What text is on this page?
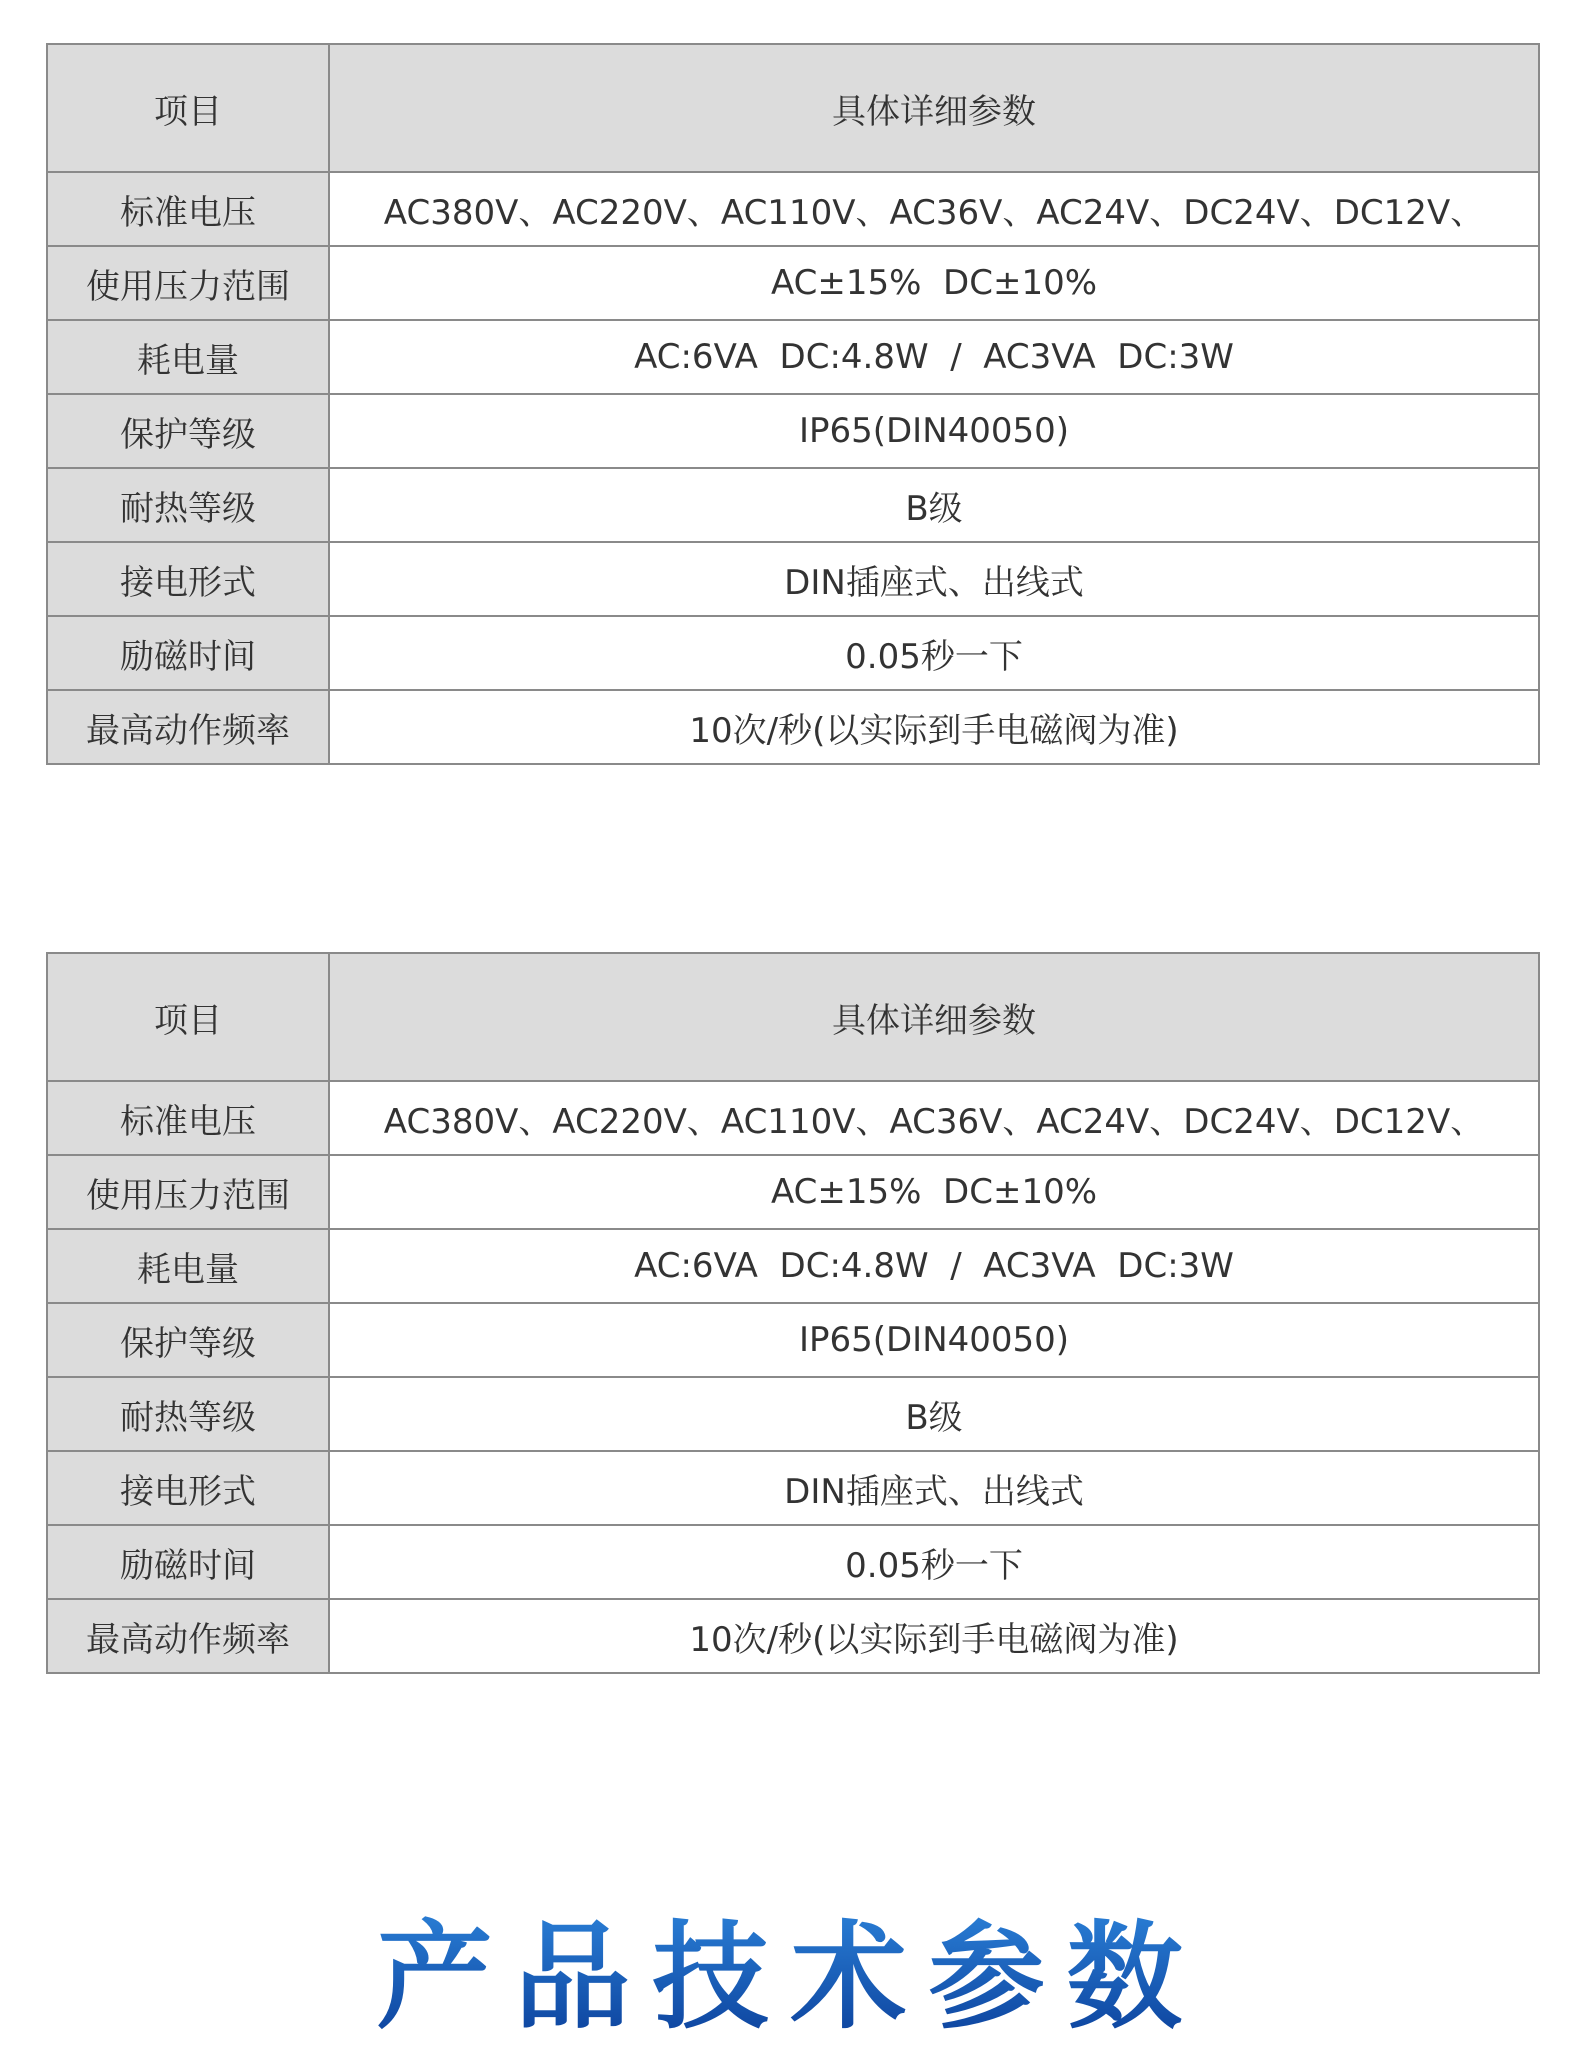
项目	具体详细参数
标准电压	AC380V、AC220V、AC110V、AC36V、AC24V、DC24V、DC12V、
使用压力范围	AC±15%  DC±10%
耗电量	AC:6VA  DC:4.8W  /  AC3VA  DC:3W
保护等级	IP65(DIN40050)
耐热等级	B级
接电形式	DIN插座式、出线式
励磁时间	0.05秒一下
最高动作频率	10次/秒(以实际到手电磁阀为准)
项目	具体详细参数
标准电压	AC380V、AC220V、AC110V、AC36V、AC24V、DC24V、DC12V、
使用压力范围	AC±15%  DC±10%
耗电量	AC:6VA  DC:4.8W  /  AC3VA  DC:3W
保护等级	IP65(DIN40050)
耐热等级	B级
接电形式	DIN插座式、出线式
励磁时间	0.05秒一下
最高动作频率	10次/秒(以实际到手电磁阀为准)
产品技术参数
